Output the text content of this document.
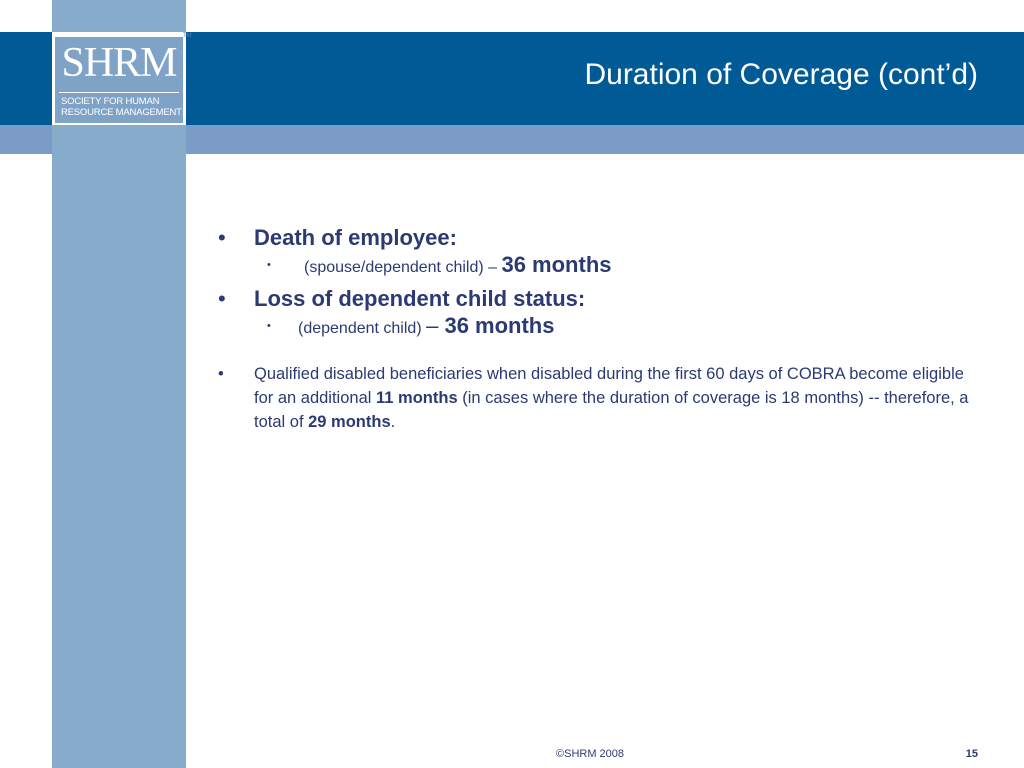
SHRM
SOCIETY FOR HUMAN
RESOURCE MANAGEMENT
TM
Duration of Coverage (cont’d)
• Death of employee:
• (spouse/dependent child) – 36 months
• Loss of dependent child status:
• (dependent child) – 36 months
• Qualified disabled beneficiaries when disabled during the first 60 days of COBRA become eligible for an additional 11 months (in cases where the duration of coverage is 18 months) -- therefore, a total of 29 months.
©SHRM 2008	15
